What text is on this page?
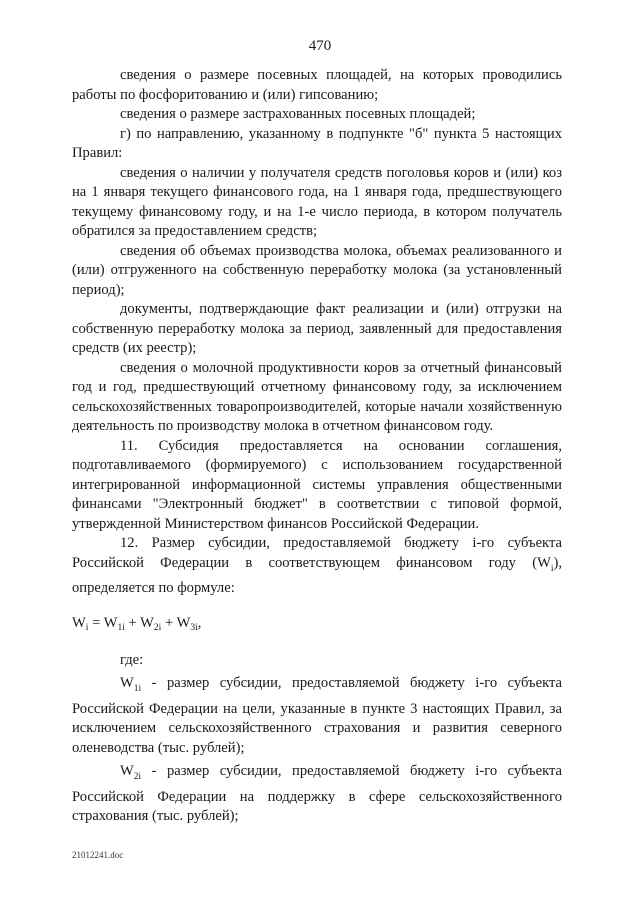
470

сведения о размере посевных площадей, на которых проводились работы по фосфоритованию и (или) гипсованию;

сведения о размере застрахованных посевных площадей;

г) по направлению, указанному в подпункте "б" пункта 5 настоящих Правил:

сведения о наличии у получателя средств поголовья коров и (или) коз на 1 января текущего финансового года, на 1 января года, предшествующего текущему финансовому году, и на 1-е число периода, в котором получатель обратился за предоставлением средств;

сведения об объемах производства молока, объемах реализованного и (или) отгруженного на собственную переработку молока (за установленный период);

документы, подтверждающие факт реализации и (или) отгрузки на собственную переработку молока за период, заявленный для предоставления средств (их реестр);

сведения о молочной продуктивности коров за отчетный финансовый год и год, предшествующий отчетному финансовому году, за исключением сельскохозяйственных товаропроизводителей, которые начали хозяйственную деятельность по производству молока в отчетном финансовом году.

11. Субсидия предоставляется на основании соглашения, подготавливаемого (формируемого) с использованием государственной интегрированной информационной системы управления общественными финансами "Электронный бюджет" в соответствии с типовой формой, утвержденной Министерством финансов Российской Федерации.

12. Размер субсидии, предоставляемой бюджету i-го субъекта Российской Федерации в соответствующем финансовом году $(W_i)$, определяется по формуле:

$W_i = W_{1i} + W_{2i} + W_{3i}$,

где:

$W_{1i}$ - размер субсидии, предоставляемой бюджету i-го субъекта Российской Федерации на цели, указанные в пункте 3 настоящих Правил, за исключением сельскохозяйственного страхования и развития северного оленеводства (тыс. рублей);

$W_{2i}$ - размер субсидии, предоставляемой бюджету i-го субъекта Российской Федерации на поддержку в сфере сельскохозяйственного страхования (тыс. рублей);

21012241.doc
